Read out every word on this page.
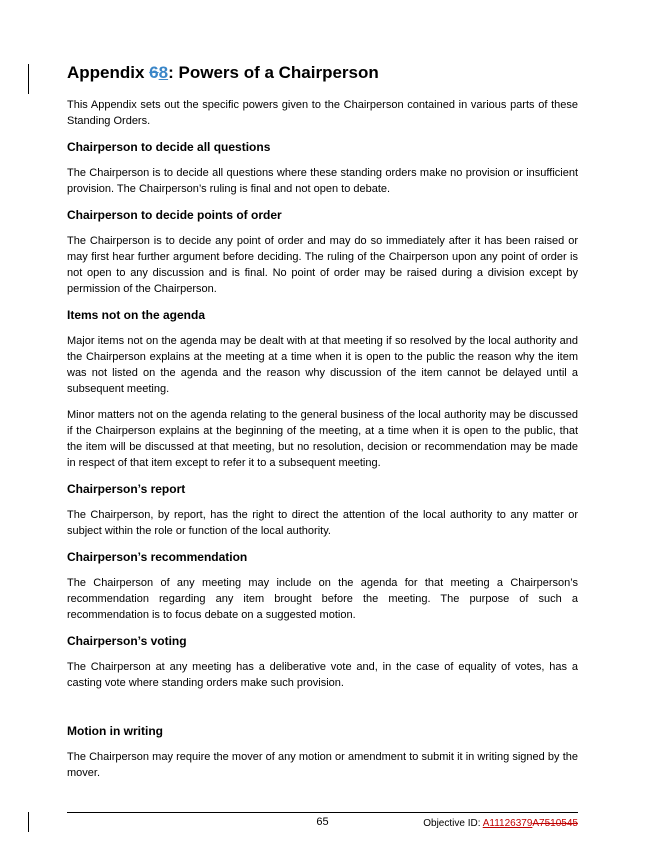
Appendix 68: Powers of a Chairperson

This Appendix sets out the specific powers given to the Chairperson contained in various parts of these Standing Orders.

Chairperson to decide all questions

The Chairperson is to decide all questions where these standing orders make no provision or insufficient provision. The Chairperson’s ruling is final and not open to debate.

Chairperson to decide points of order

The Chairperson is to decide any point of order and may do so immediately after it has been raised or may first hear further argument before deciding. The ruling of the Chairperson upon any point of order is not open to any discussion and is final. No point of order may be raised during a division except by permission of the Chairperson.

Items not on the agenda

Major items not on the agenda may be dealt with at that meeting if so resolved by the local authority and the Chairperson explains at the meeting at a time when it is open to the public the reason why the item was not listed on the agenda and the reason why discussion of the item cannot be delayed until a subsequent meeting.

Minor matters not on the agenda relating to the general business of the local authority may be discussed if the Chairperson explains at the beginning of the meeting, at a time when it is open to the public, that the item will be discussed at that meeting, but no resolution, decision or recommendation may be made in respect of that item except to refer it to a subsequent meeting.

Chairperson’s report

The Chairperson, by report, has the right to direct the attention of the local authority to any matter or subject within the role or function of the local authority.

Chairperson’s recommendation

The Chairperson of any meeting may include on the agenda for that meeting a Chairperson’s recommendation regarding any item brought before the meeting. The purpose of such a recommendation is to focus debate on a suggested motion.

Chairperson’s voting

The Chairperson at any meeting has a deliberative vote and, in the case of equality of votes, has a casting vote where standing orders make such provision.

Motion in writing

The Chairperson may require the mover of any motion or amendment to submit it in writing signed by the mover.

65	Objective ID: A11126379A7510545
